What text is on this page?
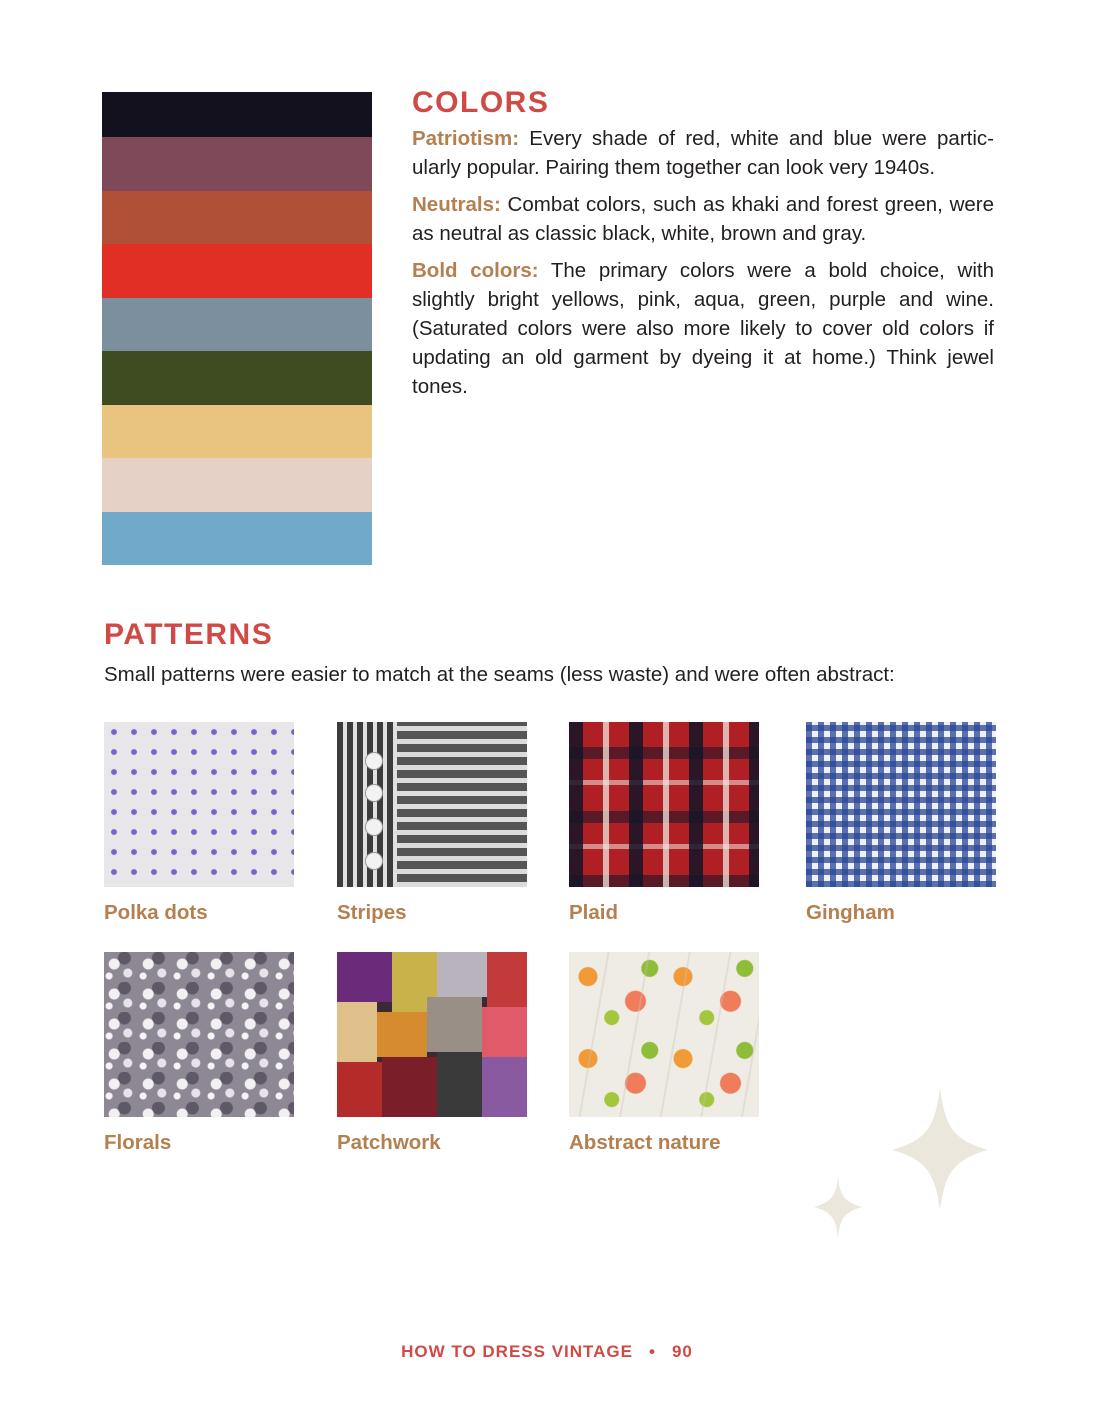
COLORS

Patriotism: Every shade of red, white and blue were particularly popular. Pairing them together can look very 1940s.

Neutrals: Combat colors, such as khaki and forest green, were as neutral as classic black, white, brown and gray.

Bold colors: The primary colors were a bold choice, with slightly bright yellows, pink, aqua, green, purple and wine. (Saturated colors were also more likely to cover old colors if updating an old garment by dyeing it at home.) Think jewel tones.

PATTERNS

Small patterns were easier to match at the seams (less waste) and were often abstract:

Polka dots	Stripes	Plaid	Gingham
Florals	Patchwork	Abstract nature
HOW TO DRESS VINTAGE • 90
